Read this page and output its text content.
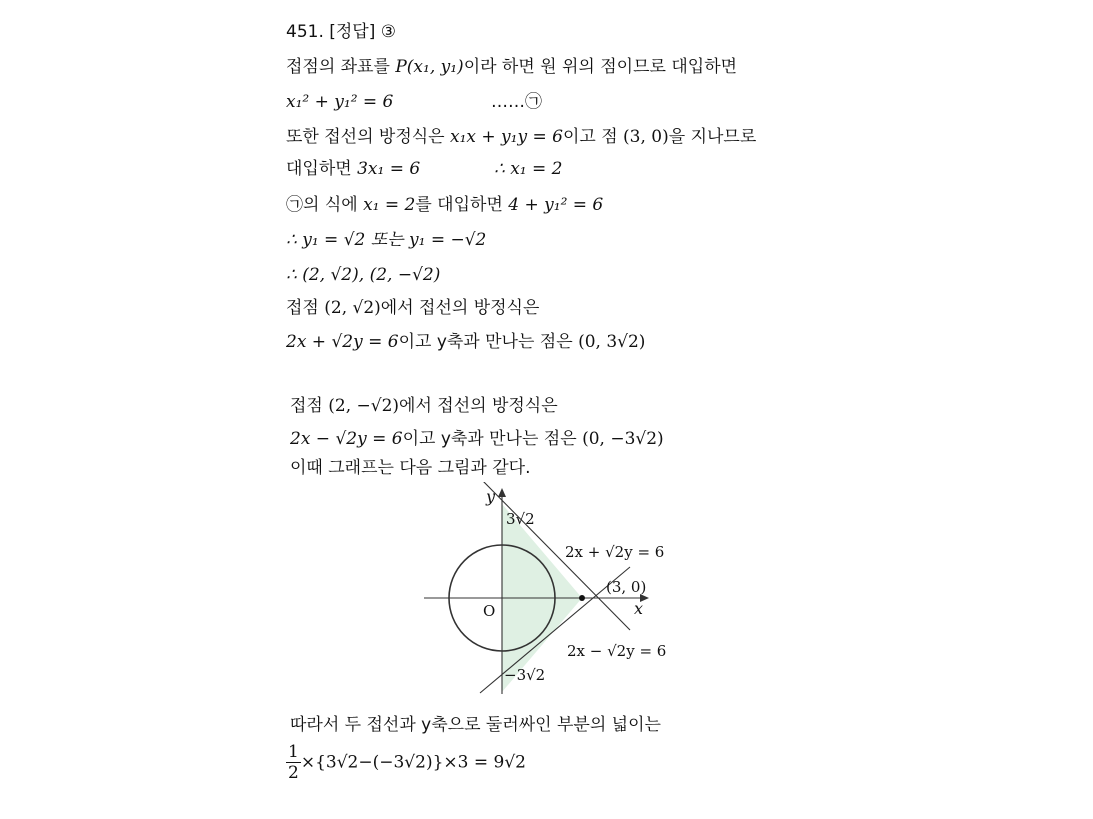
451. [정답] ③
접점의 좌표를 P(x₁, y₁)이라 하면 원 위의 점이므로 대입하면
x₁² + y₁² = 6	……㉠
또한 접선의 방정식은 x₁x + y₁y = 6이고 점 (3, 0)을 지나므로
대입하면 3x₁ = 6	∴ x₁ = 2
㉠의 식에 x₁ = 2를 대입하면 4 + y₁² = 6
∴ y₁ = √2 또는 y₁ = −√2
∴ (2, √2), (2, −√2)
접점 (2, √2)에서 접선의 방정식은
2x + √2y = 6이고 y축과 만나는 점은 (0, 3√2)
접점 (2, −√2)에서 접선의 방정식은
2x − √2y = 6이고 y축과 만나는 점은 (0, −3√2)
이때 그래프는 다음 그림과 같다.
y
x
O
3√2
−3√2
2x + √2y = 6
2x − √2y = 6
(3, 0)
따라서 두 접선과 y축으로 둘러싸인 부분의 넓이는
$\frac{1}{2} \times\{3√2-(-3√2)\}\times 3 = 9√2$
